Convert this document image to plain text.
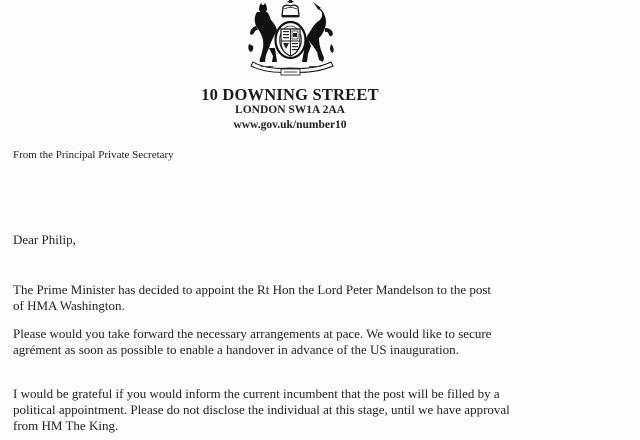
10 DOWNING STREET
LONDON SW1A 2AA
www.gov.uk/number10
From the Principal Private Secretary
Dear Philip,
The Prime Minister has decided to appoint the Rt Hon the Lord Peter Mandelson to the post
of HMA Washington.
Please would you take forward the necessary arrangements at pace. We would like to secure
agrément as soon as possible to enable a handover in advance of the US inauguration.
I would be grateful if you would inform the current incumbent that the post will be filled by a
political appointment. Please do not disclose the individual at this stage, until we have approval
from HM The King.
